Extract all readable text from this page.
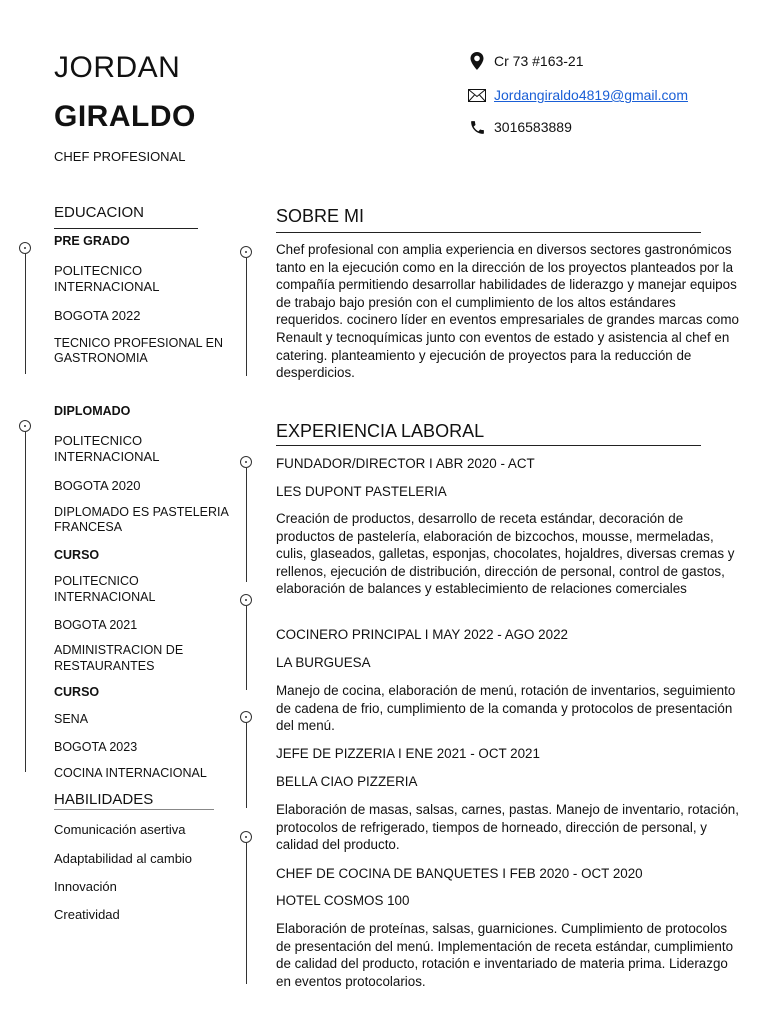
JORDAN
GIRALDO
CHEF PROFESIONAL
Cr 73 #163-21
Jordangiraldo4819@gmail.com
3016583889
EDUCACION
PRE GRADO
POLITECNICO INTERNACIONAL
BOGOTA 2022
TECNICO PROFESIONAL EN GASTRONOMIA
DIPLOMADO
POLITECNICO INTERNACIONAL
BOGOTA 2020
DIPLOMADO ES PASTELERIA FRANCESA
CURSO
POLITECNICO INTERNACIONAL
BOGOTA 2021
ADMINISTRACION DE RESTAURANTES
CURSO
SENA
BOGOTA 2023
COCINA INTERNACIONAL
HABILIDADES
Comunicación asertiva
Adaptabilidad al cambio
Innovación
Creatividad
SOBRE MI
Chef profesional con amplia experiencia en diversos sectores gastronómicos tanto en la ejecución como en la dirección de los proyectos planteados por la compañía permitiendo desarrollar habilidades de liderazgo y manejar equipos de trabajo bajo presión con el cumplimiento de los altos estándares requeridos. cocinero líder en eventos empresariales de grandes marcas como Renault y tecnoquímicas junto con eventos de estado y asistencia al chef en catering. planteamiento y ejecución de proyectos para la reducción de desperdicios.
EXPERIENCIA LABORAL
FUNDADOR/DIRECTOR I ABR 2020 - ACT
LES DUPONT PASTELERIA
Creación de productos, desarrollo de receta estándar, decoración de productos de pastelería, elaboración de bizcochos, mousse, mermeladas, culis, glaseados, galletas, esponjas, chocolates, hojaldres, diversas cremas y rellenos, ejecución de distribución, dirección de personal, control de gastos, elaboración de balances y establecimiento de relaciones comerciales
COCINERO PRINCIPAL I MAY 2022 - AGO 2022
LA BURGUESA
Manejo de cocina, elaboración de menú, rotación de inventarios, seguimiento de cadena de frio, cumplimiento de la comanda y protocolos de presentación del menú.
JEFE DE PIZZERIA I ENE 2021 - OCT 2021
BELLA CIAO PIZZERIA
Elaboración de masas, salsas, carnes, pastas. Manejo de inventario, rotación, protocolos de refrigerado, tiempos de horneado, dirección de personal, y calidad del producto.
CHEF DE COCINA DE BANQUETES I FEB 2020 - OCT 2020
HOTEL COSMOS 100
Elaboración de proteínas, salsas, guarniciones. Cumplimiento de protocolos de presentación del menú. Implementación de receta estándar, cumplimiento de calidad del producto, rotación e inventariado de materia prima. Liderazgo en eventos protocolarios.
